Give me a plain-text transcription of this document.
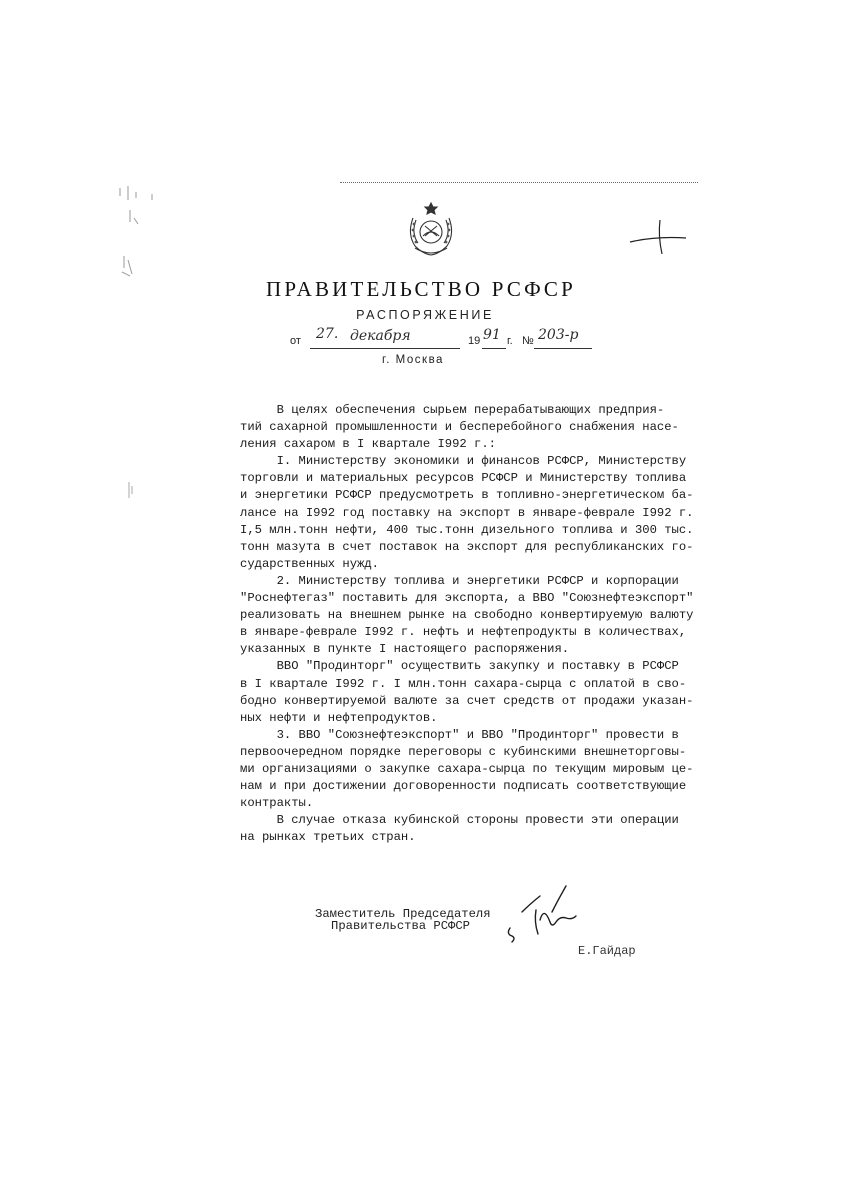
ПРАВИТЕЛЬСТВО РСФСР
РАСПОРЯЖЕНИЕ
от 27. декабря	19 91 г. № 203-р
г. Москва

В целях обеспечения сырьем перерабатывающих предприя-

тий сахарной промышленности и бесперебойного снабжения насе-

ления сахаром в I квартале I992 г.:

I. Министерству экономики и финансов РСФСР, Министерству

торговли и материальных ресурсов РСФСР и Министерству топлива

и энергетики РСФСР предусмотреть в топливно-энергетическом ба-

лансе на I992 год поставку на экспорт в январе-феврале I992 г.

I,5 млн.тонн нефти, 400 тыс.тонн дизельного топлива и 300 тыс.

тонн мазута в счет поставок на экспорт для республиканских го-

сударственных нужд.

2. Министерству топлива и энергетики РСФСР и корпорации

"Роснефтегаз" поставить для экспорта, а ВВО "Союзнефтеэкспорт"

реализовать на внешнем рынке на свободно конвертируемую валюту

в январе-феврале I992 г. нефть и нефтепродукты в количествах,

указанных в пункте I настоящего распоряжения.

ВВО "Продинторг" осуществить закупку и поставку в РСФСР

в I квартале I992 г. I млн.тонн сахара-сырца с оплатой в сво-

бодно конвертируемой валюте за счет средств от продажи указан-

ных нефти и нефтепродуктов.

3. ВВО "Союзнефтеэкспорт" и ВВО "Продинторг" провести в

первоочередном порядке переговоры с кубинскими внешнеторговы-

ми организациями о закупке сахара-сырца по текущим мировым це-

нам и при достижении договоренности подписать соответствующие

контракты.

В случае отказа кубинской стороны провести эти операции

на рынках третьих стран.

Заместитель Председателя
Правительства РСФСР
Е.Гайдар
